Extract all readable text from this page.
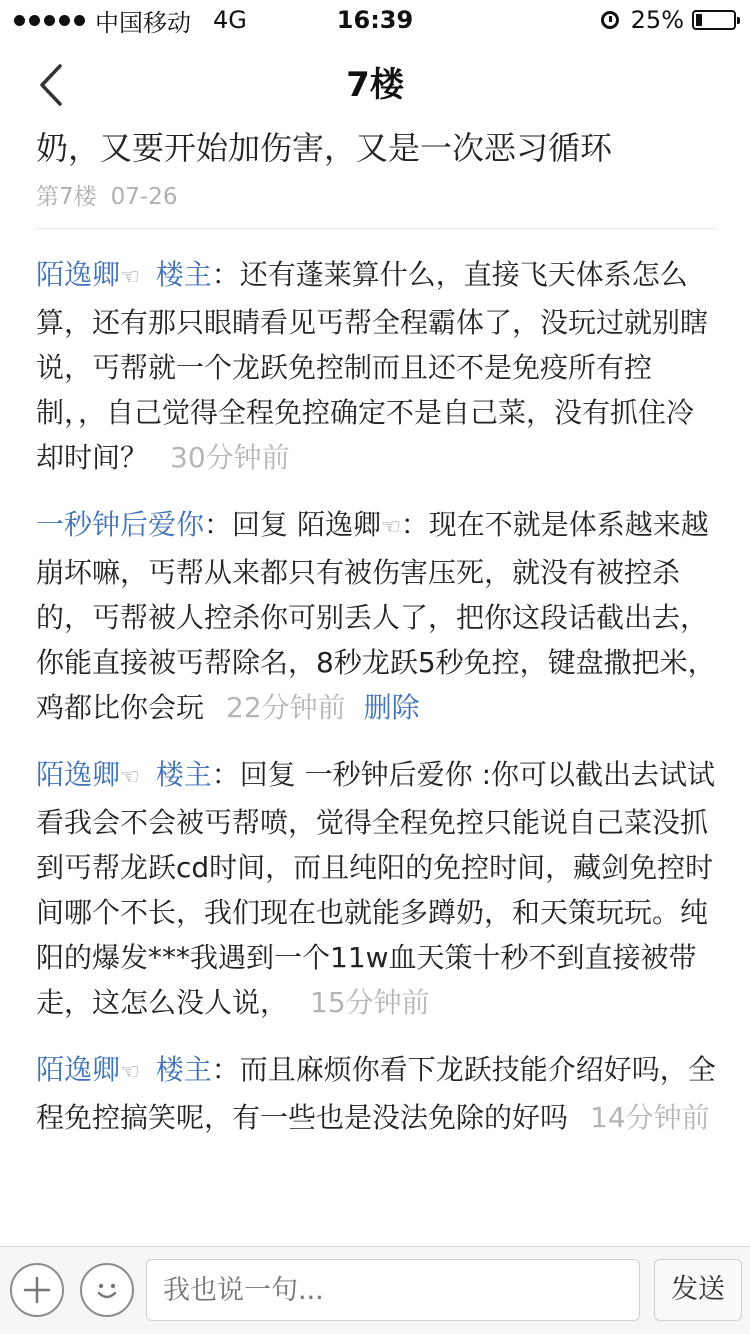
中国移动 4G	16:39	25%
7楼
奶，又要开始加伤害，又是一次恶习循环
第7楼 07-26
陌逸卿☜ 楼主：还有蓬莱算什么，直接飞天体系怎么算，还有那只眼睛看见丐帮全程霸体了，没玩过就别瞎说，丐帮就一个龙跃免控制而且还不是免疫所有控制，，自己觉得全程免控确定不是自己菜，没有抓住冷却时间？ 30分钟前
一秒钟后爱你：回复 陌逸卿☜：现在不就是体系越来越崩坏嘛，丐帮从来都只有被伤害压死，就没有被控杀的，丐帮被人控杀你可别丢人了，把你这段话截出去，你能直接被丐帮除名，8秒龙跃5秒免控，键盘撒把米，鸡都比你会玩 22分钟前 删除
陌逸卿☜ 楼主：回复 一秒钟后爱你 :你可以截出去试试看我会不会被丐帮喷，觉得全程免控只能说自己菜没抓到丐帮龙跃cd时间，而且纯阳的免控时间，藏剑免控时间哪个不长，我们现在也就能多蹲奶，和天策玩玩。纯阳的爆发***我遇到一个11w血天策十秒不到直接被带走，这怎么没人说， 15分钟前
陌逸卿☜ 楼主：而且麻烦你看下龙跃技能介绍好吗，全程免控搞笑呢，有一些也是没法免除的好吗 14分钟前
我也说一句...
发送
